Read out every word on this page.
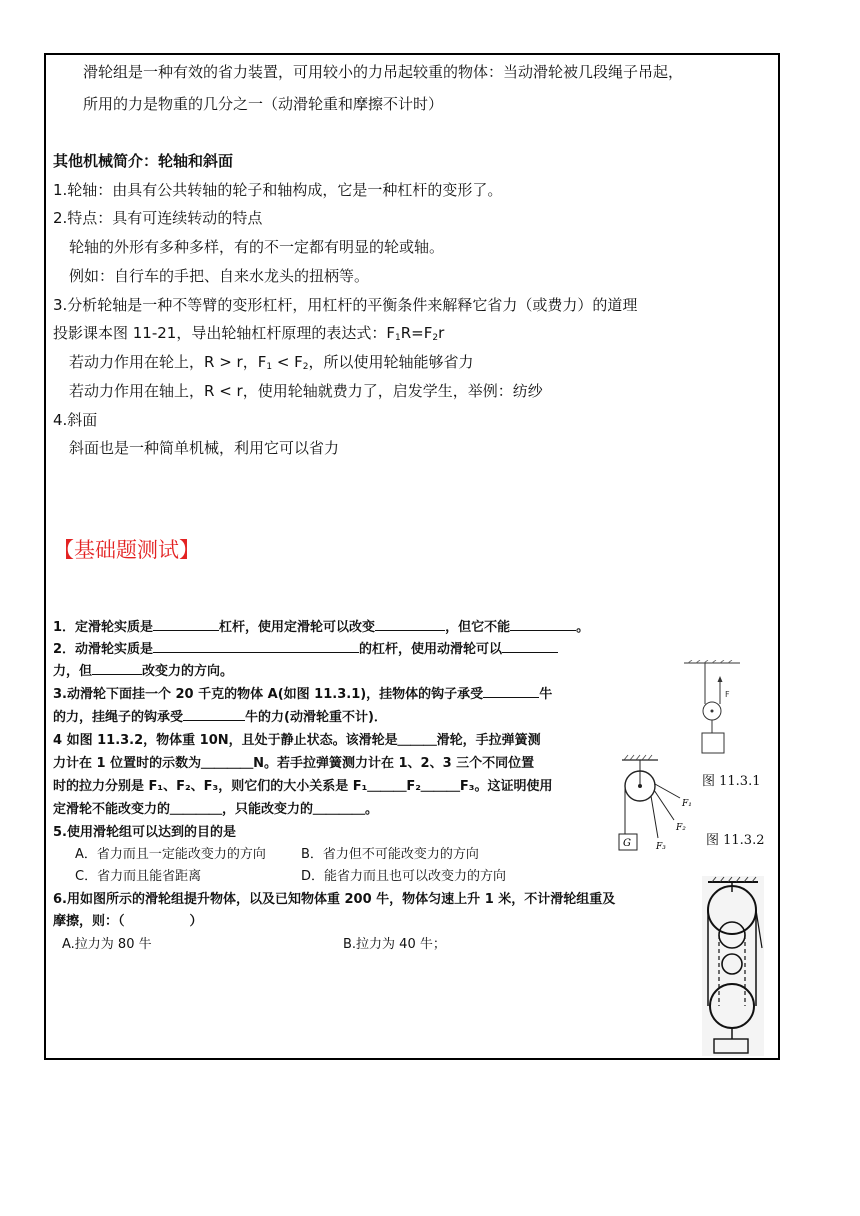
滑轮组是一种有效的省力装置，可用较小的力吊起较重的物体：当动滑轮被几段绳子吊起，
所用的力是物重的几分之一（动滑轮重和摩擦不计时）
其他机械简介：轮轴和斜面
1.轮轴：由具有公共转轴的轮子和轴构成，它是一种杠杆的变形了。
2.特点：具有可连续转动的特点
轮轴的外形有多种多样，有的不一定都有明显的轮或轴。
例如：自行车的手把、自来水龙头的扭柄等。
3.分析轮轴是一种不等臂的变形杠杆，用杠杆的平衡条件来解释它省力（或费力）的道理
投影课本图 11-21，导出轮轴杠杆原理的表达式：$F_1R=F_2r$
若动力作用在轮上，R > r，$F_1 < F_2$，所以使用轮轴能够省力
若动力作用在轴上，R < r，使用轮轴就费力了，启发学生，举例：纺纱
4.斜面
斜面也是一种简单机械，利用它可以省力
【基础题测试】
1．定滑轮实质是	杠杆，使用定滑轮可以改变	，但它不能	。
2．动滑轮实质是	的杠杆，使用动滑轮可以
力，但	改变力的方向。
3.动滑轮下面挂一个 20 千克的物体 A(如图 11.3.1)，挂物体的钩子承受	牛
的力，挂绳子的钩承受	牛的力(动滑轮重不计)．
4 如图 11.3.2，物体重 10N，且处于静止状态。该滑轮是＿＿＿滑轮，手拉弹簧测
力计在 1 位置时的示数为＿＿＿＿N。若手拉弹簧测力计在 1、2、3 三个不同位置
时的拉力分别是 F₁、F₂、F₃，则它们的大小关系是 F₁＿＿＿F₂＿＿＿F₃。这证明使用
定滑轮不能改变力的＿＿＿＿，只能改变力的＿＿＿＿。
5.使用滑轮组可以达到的目的是
A．省力而且一定能改变力的方向	B．省力但不可能改变力的方向
C．省力而且能省距离	D．能省力而且也可以改变力的方向
6.用如图所示的滑轮组提升物体，以及已知物体重 200 牛，物体匀速上升 1 米，不计滑轮组重及
摩擦，则：（　　　　　）
A.拉力为 80 牛	B.拉力为 40 牛；
F
图 11.3.1
G
F₁
F₂
F₃	图 11.3.2
